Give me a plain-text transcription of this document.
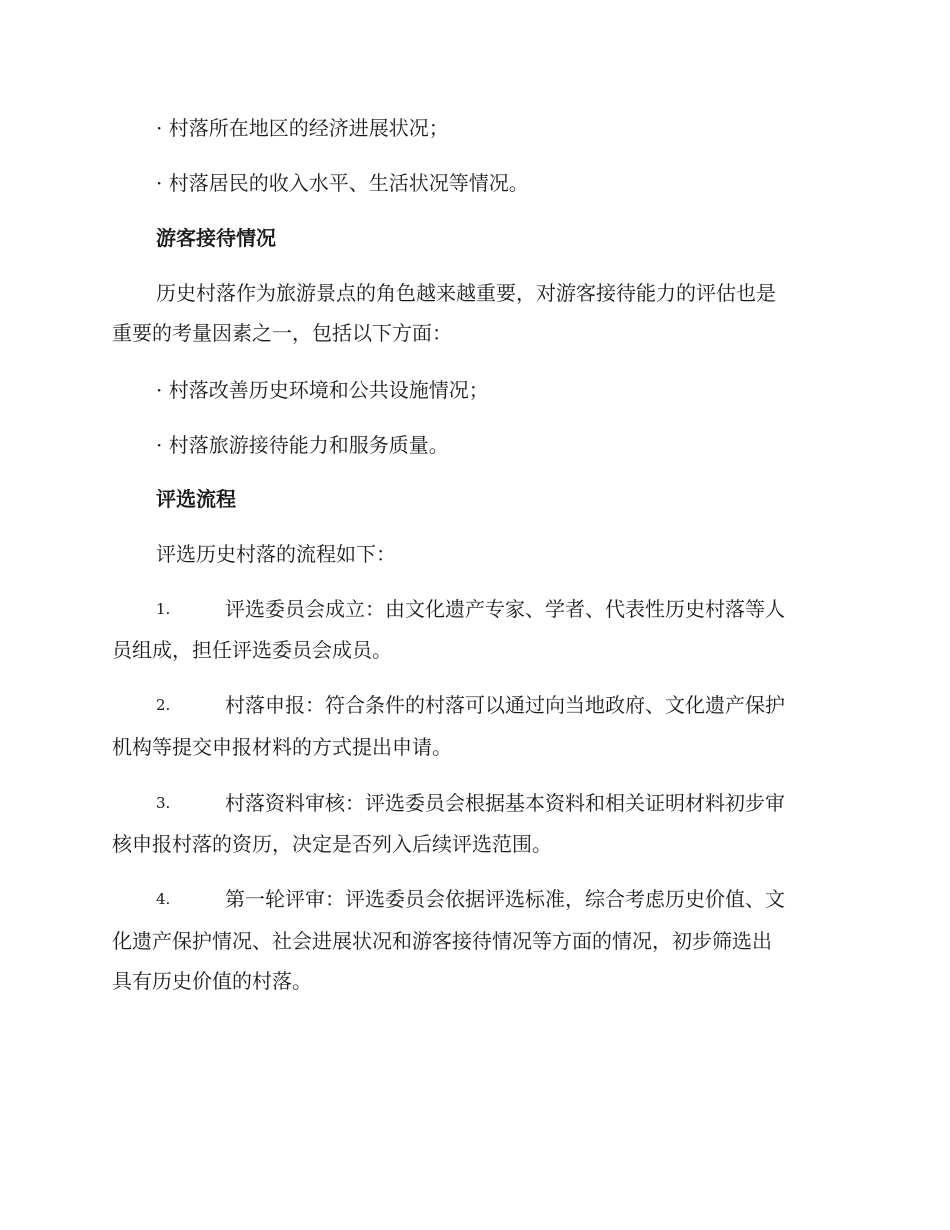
· 村落所在地区的经济进展状况；
· 村落居民的收入水平、生活状况等情况。
游客接待情况
历史村落作为旅游景点的角色越来越重要，对游客接待能力的评估也是
重要的考量因素之一，包括以下方面：
· 村落改善历史环境和公共设施情况；
· 村落旅游接待能力和服务质量。
评选流程
评选历史村落的流程如下：
1.	评选委员会成立：由文化遗产专家、学者、代表性历史村落等人
员组成，担任评选委员会成员。
2.	村落申报：符合条件的村落可以通过向当地政府、文化遗产保护
机构等提交申报材料的方式提出申请。
3.	村落资料审核：评选委员会根据基本资料和相关证明材料初步审
核申报村落的资历，决定是否列入后续评选范围。
4.	第一轮评审：评选委员会依据评选标准，综合考虑历史价值、文
化遗产保护情况、社会进展状况和游客接待情况等方面的情况，初步筛选出
具有历史价值的村落。
